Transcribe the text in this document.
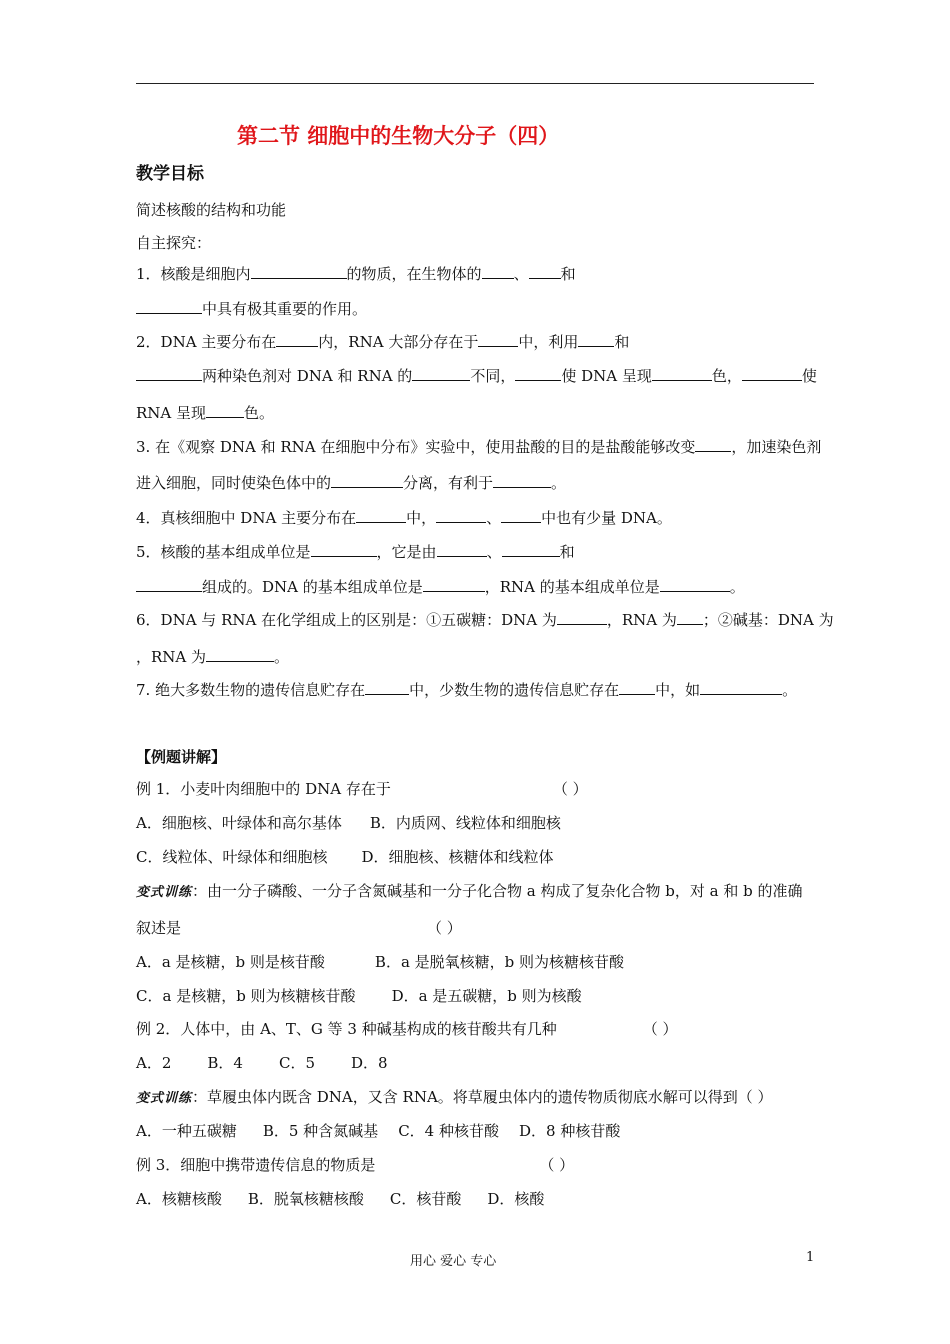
第二节 细胞中的生物大分子（四）
教学目标
简述核酸的结构和功能
自主探究：
1．核酸是细胞内	的物质，在生物体的 、 和
中具有极其重要的作用。
2．DNA 主要分布在	内，RNA 大部分存在于	中，利用 和
两种染色剂对 DNA 和 RNA 的	不同，	使 DNA 呈现	色，	使
RNA 呈现	色。
3. 在《观察 DNA 和 RNA 在细胞中分布》实验中，使用盐酸的目的是盐酸能够改变 ，加速染色剂
进入细胞，同时使染色体中的	分离，有利于	。
4．真核细胞中 DNA 主要分布在	中，	、	中也有少量 DNA。
5．核酸的基本组成单位是	，它是由	、	和
组成的。DNA 的基本组成单位是	，RNA 的基本组成单位是	。
6．DNA 与 RNA 在化学组成上的区别是：①五碳糖：DNA 为	，RNA 为 ；②碱基：DNA 为
，RNA 为	。
7. 绝大多数生物的遗传信息贮存在	中，少数生物的遗传信息贮存在 中，如	。
【例题讲解】
例 1．小麦叶肉细胞中的 DNA 存在于	（ ）
A．细胞核、叶绿体和高尔基体 B．内质网、线粒体和细胞核
C．线粒体、叶绿体和细胞核 D．细胞核、核糖体和线粒体
变式训练：由一分子磷酸、一分子含氮碱基和一分子化合物 a 构成了复杂化合物 b，对 a 和 b 的准确
叙述是	（ ）
A．a 是核糖，b 则是核苷酸	B．a 是脱氧核糖，b 则为核糖核苷酸
C．a 是核糖，b 则为核糖核苷酸 D．a 是五碳糖，b 则为核酸
例 2．人体中，由 A、T、G 等 3 种碱基构成的核苷酸共有几种	（ ）
A．2 B．4 C．5 D．8
变式训练：草履虫体内既含 DNA，又含 RNA。将草履虫体内的遗传物质彻底水解可以得到（ ）
A．一种五碳糖 B．5 种含氮碱基 C．4 种核苷酸 D．8 种核苷酸
例 3．细胞中携带遗传信息的物质是	（ ）
A．核糖核酸 B．脱氧核糖核酸 C．核苷酸 D．核酸
用心 爱心 专心	1
